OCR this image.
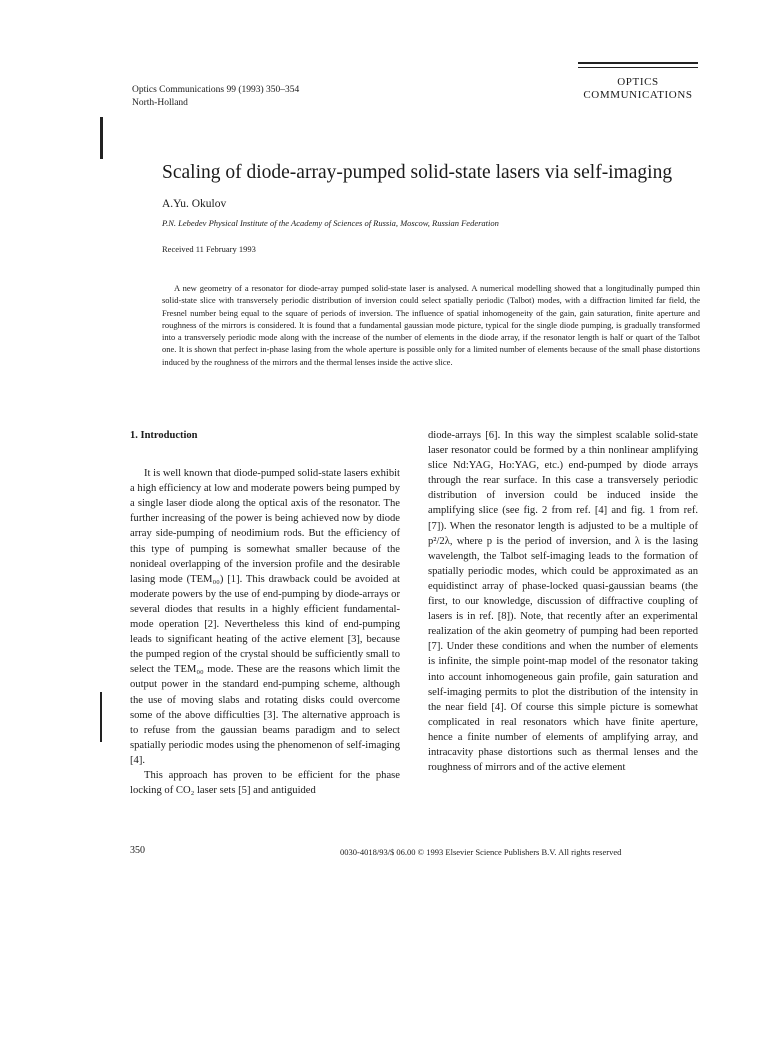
Optics Communications 99 (1993) 350–354
North-Holland
OPTICS
COMMUNICATIONS
Scaling of diode-array-pumped solid-state lasers via self-imaging
A.Yu. Okulov
P.N. Lebedev Physical Institute of the Academy of Sciences of Russia, Moscow, Russian Federation
Received 11 February 1993
A new geometry of a resonator for diode-array pumped solid-state laser is analysed. A numerical modelling showed that a longitudinally pumped thin solid-state slice with transversely periodic distribution of inversion could select spatially periodic (Talbot) modes, with a diffraction limited far field, the Fresnel number being equal to the square of periods of inversion. The influence of spatial inhomogeneity of the gain, gain saturation, finite aperture and roughness of the mirrors is considered. It is found that a fundamental gaussian mode picture, typical for the single diode pumping, is gradually transformed into a transversely periodic mode along with the increase of the number of elements in the diode array, if the resonator length is half or quart of the Talbot one. It is shown that perfect in-phase lasing from the whole aperture is possible only for a limited number of elements because of the small phase distortions induced by the roughness of the mirrors and the thermal lenses inside the active slice.
1. Introduction

It is well known that diode-pumped solid-state lasers exhibit a high efficiency at low and moderate powers being pumped by a single laser diode along the optical axis of the resonator. The further increasing of the power is being achieved now by diode array side-pumping of neodimium rods. But the efficiency of this type of pumping is somewhat smaller because of the nonideal overlapping of the inversion profile and the desirable lasing mode (TEM₀₀) [1]. This drawback could be avoided at moderate powers by the use of end-pumping by diode-arrays or several diodes that results in a highly efficient fundamental-mode operation [2]. Nevertheless this kind of end-pumping leads to significant heating of the active element [3], because the pumped region of the crystal should be sufficiently small to select the TEM₀₀ mode. These are the reasons which limit the output power in the standard end-pumping scheme, although the use of moving slabs and rotating disks could overcome some of the above difficulties [3]. The alternative approach is to refuse from the gaussian beams paradigm and to select spatially periodic modes using the phenomenon of self-imaging [4].

This approach has proven to be efficient for the phase locking of CO₂ laser sets [5] and antiguided

diode-arrays [6]. In this way the simplest scalable solid-state laser resonator could be formed by a thin nonlinear amplifying slice Nd:YAG, Ho:YAG, etc.) end-pumped by diode arrays through the rear surface. In this case a transversely periodic distribution of inversion could be induced inside the amplifying slice (see fig. 2 from ref. [4] and fig. 1 from ref. [7]). When the resonator length is adjusted to be a multiple of p²/2λ, where p is the period of inversion, and λ is the lasing wavelength, the Talbot self-imaging leads to the formation of spatially periodic modes, which could be approximated as an equidistinct array of phase-locked quasi-gaussian beams (the first, to our knowledge, discussion of diffractive coupling of lasers is in ref. [8]). Note, that recently after an experimental realization of the akin geometry of pumping had been reported [7]. Under these conditions and when the number of elements is infinite, the simple point-map model of the resonator taking into account inhomogeneous gain profile, gain saturation and self-imaging permits to plot the distribution of the intensity in the near field [4]. Of course this simple picture is somewhat complicated in real resonators which have finite aperture, hence a finite number of elements of amplifying array, and intracavity phase distortions such as thermal lenses and the roughness of mirrors and of the active element

350	0030-4018/93/$ 06.00 © 1993 Elsevier Science Publishers B.V. All rights reserved
